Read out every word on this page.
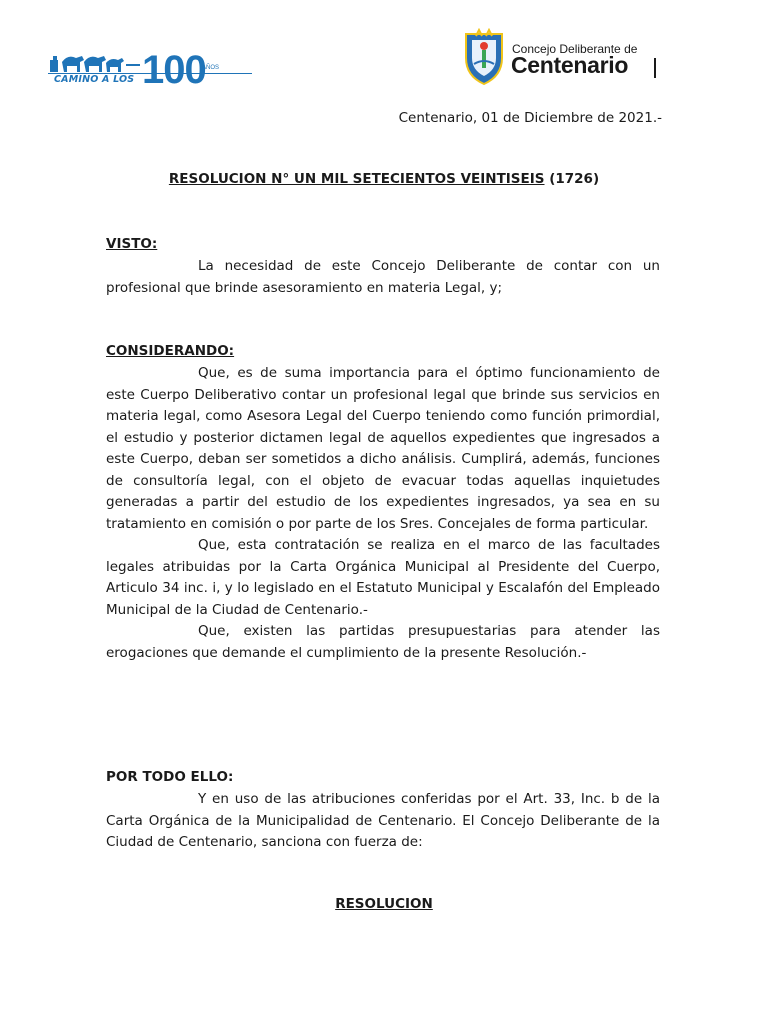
CAMINO A LOS 100
AÑOS
Concejo Deliberante de
Centenario
Centenario, 01 de Diciembre de 2021.-
RESOLUCION N° UN MIL SETECIENTOS VEINTISEIS (1726)
VISTO:

La necesidad de este Concejo Deliberante de contar con un profesional que brinde asesoramiento en materia Legal, y;

CONSIDERANDO:

Que, es de suma importancia para el óptimo funcionamiento de este Cuerpo Deliberativo contar un profesional legal que brinde sus servicios en materia legal, como Asesora Legal del Cuerpo teniendo como función primordial, el estudio y posterior dictamen legal de aquellos expedientes que ingresados a este Cuerpo, deban ser sometidos a dicho análisis. Cumplirá, además, funciones de consultoría legal, con el objeto de evacuar todas aquellas inquietudes generadas a partir del estudio de los expedientes ingresados, ya sea en su tratamiento en comisión o por parte de los Sres. Concejales de forma particular.

Que, esta contratación se realiza en el marco de las facultades legales atribuidas por la Carta Orgánica Municipal al Presidente del Cuerpo, Articulo 34 inc. i, y lo legislado en el Estatuto Municipal y Escalafón del Empleado Municipal de la Ciudad de Centenario.-

Que, existen las partidas presupuestarias para atender las erogaciones que demande el cumplimiento de la presente Resolución.-

POR TODO ELLO:

Y en uso de las atribuciones conferidas por el Art. 33, Inc. b de la Carta Orgánica de la Municipalidad de Centenario. El Concejo Deliberante de la Ciudad de Centenario, sanciona con fuerza de:

RESOLUCION
